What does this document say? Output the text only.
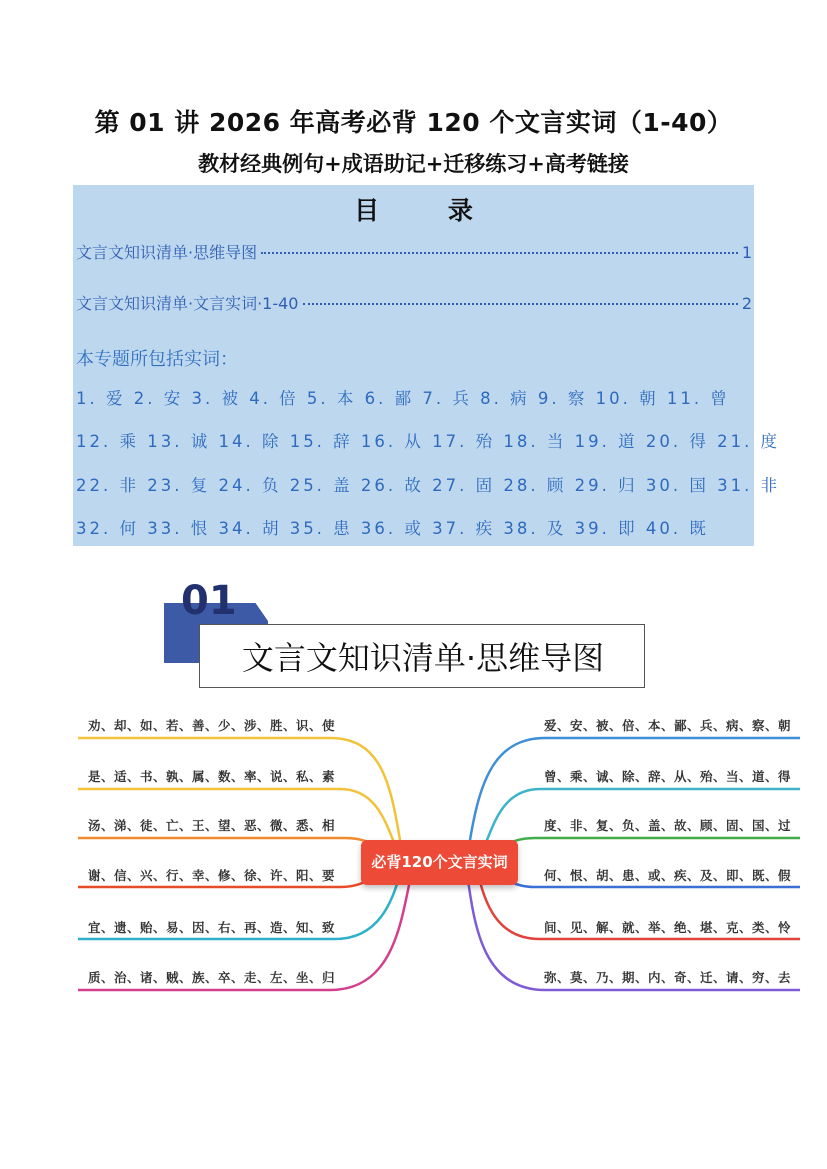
第 01 讲 2026 年高考必背 120 个文言实词（1-40）
教材经典例句+成语助记+迁移练习+高考链接
目 录
文言文知识清单·思维导图	1
文言文知识清单·文言实词·1-40	2
本专题所包括实词：
1. 爱 2. 安 3. 被 4. 倍 5. 本 6. 鄙 7. 兵 8. 病 9. 察 10. 朝 11. 曾
12. 乘 13. 诚 14. 除 15. 辞 16. 从 17. 殆 18. 当 19. 道 20. 得 21. 度
22. 非 23. 复 24. 负 25. 盖 26. 故 27. 固 28. 顾 29. 归 30. 国 31. 非
32. 何 33. 恨 34. 胡 35. 患 36. 或 37. 疾 38. 及 39. 即 40. 既
01
文言文知识清单·思维导图
必背120个文言实词
劝、却、如、若、善、少、涉、胜、识、使
是、适、书、孰、属、数、率、说、私、素
汤、涕、徒、亡、王、望、恶、微、悉、相
谢、信、兴、行、幸、修、徐、许、阳、要
宜、遗、贻、易、因、右、再、造、知、致
质、治、诸、贼、族、卒、走、左、坐、归
爱、安、被、倍、本、鄙、兵、病、察、朝
曾、乘、诚、除、辞、从、殆、当、道、得
度、非、复、负、盖、故、顾、固、国、过
何、恨、胡、患、或、疾、及、即、既、假
间、见、解、就、举、绝、堪、克、类、怜
弥、莫、乃、期、内、奇、迁、请、穷、去
